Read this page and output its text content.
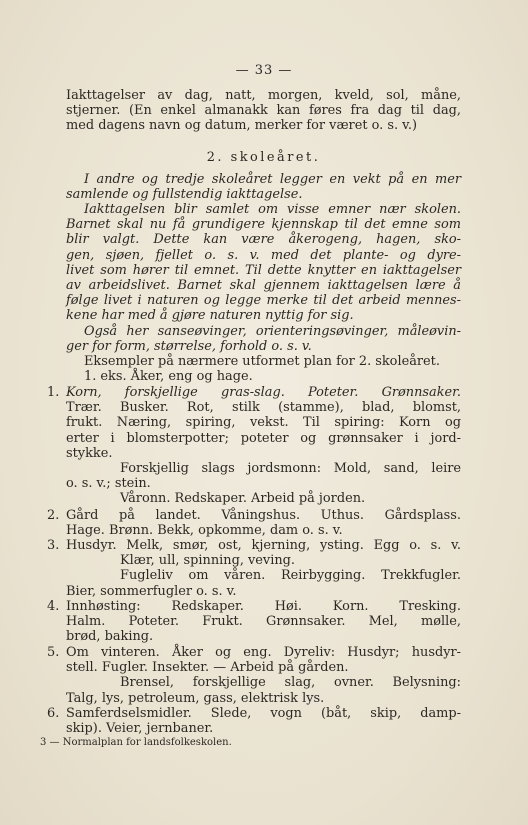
— 33 —
Iakttagelser av dag, natt, morgen, kveld, sol, måne,
stjerner. (En enkel almanakk kan føres fra dag til dag,
med dagens navn og datum, merker for været o. s. v.)
2. skoleåret.
I andre og tredje skoleåret legger en vekt på en mer
samlende og fullstendig iakttagelse.
Iakttagelsen blir samlet om visse emner nær skolen.
Barnet skal nu få grundigere kjennskap til det emne som
blir valgt. Dette kan være åkerogeng, hagen, sko-
gen, sjøen, fjellet o. s. v. med det plante- og dyre-
livet som hører til emnet. Til dette knytter en iakttagelser
av arbeidslivet. Barnet skal gjennem iakttagelsen lære å
følge livet i naturen og legge merke til det arbeid mennes-
kene har med å gjøre naturen nyttig for sig.
Også her sanseøvinger, orienteringsøvinger, måleøvin-
ger for form, størrelse, forhold o. s. v.
Eksempler på nærmere utformet plan for 2. skoleåret.
1. eks. Åker, eng og hage.
1. Korn, forskjellige gras-slag. Poteter. Grønnsaker.
Trær. Busker. Rot, stilk (stamme), blad, blomst,
frukt. Næring, spiring, vekst. Til spiring: Korn og
erter i blomsterpotter; poteter og grønnsaker i jord-
stykke.
Forskjellig slags jordsmonn: Mold, sand, leire
o. s. v.; stein.
Våronn. Redskaper. Arbeid på jorden.
2. Gård på landet. Våningshus. Uthus. Gårdsplass.
Hage. Brønn. Bekk, opkomme, dam o. s. v.
3. Husdyr. Melk, smør, ost, kjerning, ysting. Egg o. s. v.
Klær, ull, spinning, veving.
Fugleliv om våren. Reirbygging. Trekkfugler.
Bier, sommerfugler o. s. v.
4. Innhøsting: Redskaper. Høi. Korn. Tresking.
Halm. Poteter. Frukt. Grønnsaker. Mel, mølle,
brød, baking.
5. Om vinteren. Åker og eng. Dyreliv: Husdyr; husdyr-
stell. Fugler. Insekter. — Arbeid på gården.
Brensel, forskjellige slag, ovner. Belysning:
Talg, lys, petroleum, gass, elektrisk lys.
6. Samferdselsmidler. Slede, vogn (båt, skip, damp-
skip). Veier, jernbaner.
3 — Normalplan for landsfolkeskolen.
